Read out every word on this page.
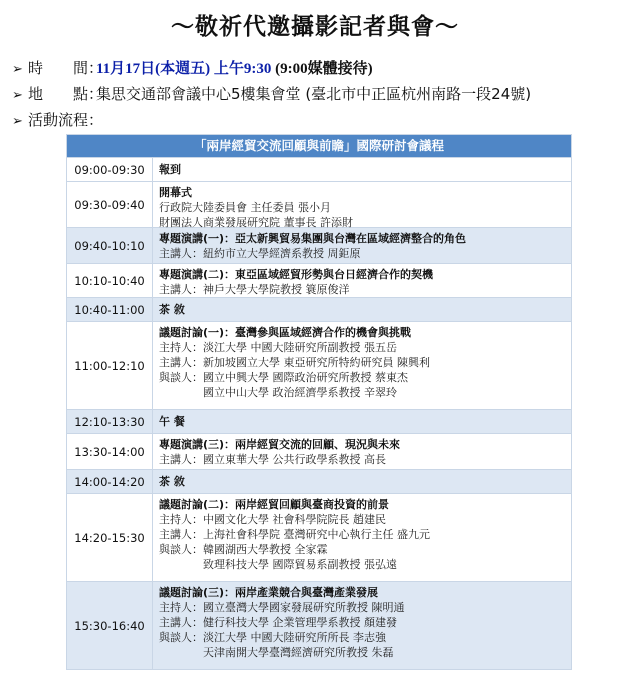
～敬祈代邀攝影記者與會～
➢ 時　　間：11月17日(本週五) 上午9:30 (9:00媒體接待)
➢ 地　　點：集思交通部會議中心5樓集會堂 (臺北市中正區杭州南路一段24號)
➢ 活動流程：
「兩岸經貿交流回顧與前瞻」國際研討會議程
09:00-09:30	報到
09:30-09:40
開幕式
行政院大陸委員會 主任委員 張小月
財團法人商業發展研究院 董事長 許添財
09:40-10:10	專題演講(一)：亞太新興貿易集團與台灣在區域經濟整合的角色
主講人：紐約市立大學經濟系教授 周鉅原
10:10-10:40	專題演講(二)：東亞區域經貿形勢與台日經濟合作的契機
主講人：神戶大學大學院教授 簑原俊洋
10:40-11:00	茶 敘
11:00-12:10
議題討論(一)：臺灣參與區域經濟合作的機會與挑戰
主持人：淡江大學 中國大陸研究所副教授 張五岳
主講人：新加坡國立大學 東亞研究所特約研究員 陳興利
與談人：國立中興大學 國際政治研究所教授 蔡東杰
　　　　國立中山大學 政治經濟學系教授 辛翠玲
12:10-13:30	午 餐
13:30-14:00	專題演講(三)：兩岸經貿交流的回顧、現況與未來
主講人：國立東華大學 公共行政學系教授 高長
14:00-14:20	茶 敘
14:20-15:30
議題討論(二)：兩岸經貿回顧與臺商投資的前景
主持人：中國文化大學 社會科學院院長 趙建民
主講人：上海社會科學院 臺灣研究中心執行主任 盛九元
與談人：韓國湖西大學教授 全家霖
　　　　致理科技大學 國際貿易系副教授 張弘遠
15:30-16:40
議題討論(三)：兩岸產業競合與臺灣產業發展
主持人：國立臺灣大學國家發展研究所教授 陳明通
主講人：健行科技大學 企業管理學系教授 顏建發
與談人：淡江大學 中國大陸研究所所長 李志強
　　　　天津南開大學臺灣經濟研究所教授 朱磊
